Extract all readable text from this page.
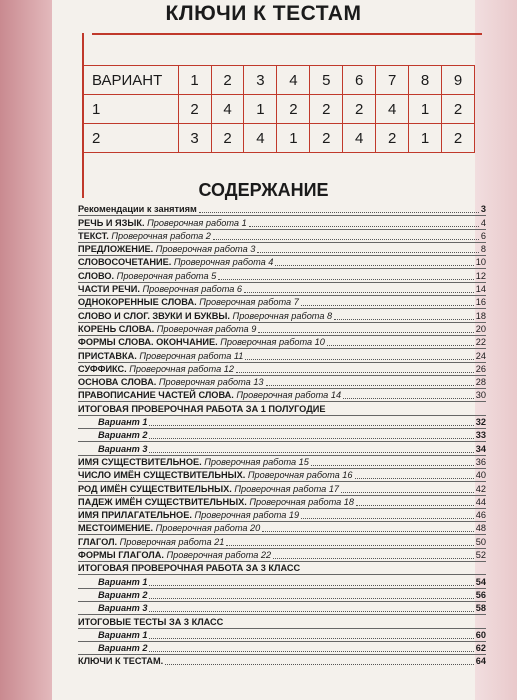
КЛЮЧИ К ТЕСТАМ
ВАРИАНТ	1	2	3	4	5	6	7	8	9
1	2	4	1	2	2	2	4	1	2
2	3	2	4	1	2	4	2	1	2
СОДЕРЖАНИЕ
Рекомендации к занятиям	3
РЕЧЬ И ЯЗЫК. Проверочная работа 1	4
ТЕКСТ. Проверочная работа 2	6
ПРЕДЛОЖЕНИЕ. Проверочная работа 3	8
СЛОВОСОЧЕТАНИЕ. Проверочная работа 4	10
СЛОВО. Проверочная работа 5	12
ЧАСТИ РЕЧИ. Проверочная работа 6	14
ОДНОКОРЕННЫЕ СЛОВА. Проверочная работа 7	16
СЛОВО И СЛОГ. ЗВУКИ И БУКВЫ. Проверочная работа 8	18
КОРЕНЬ СЛОВА. Проверочная работа 9	20
ФОРМЫ СЛОВА. ОКОНЧАНИЕ. Проверочная работа 10	22
ПРИСТАВКА. Проверочная работа 11	24
СУФФИКС. Проверочная работа 12	26
ОСНОВА СЛОВА. Проверочная работа 13	28
ПРАВОПИСАНИЕ ЧАСТЕЙ СЛОВА. Проверочная работа 14	30
ИТОГОВАЯ ПРОВЕРОЧНАЯ РАБОТА ЗА 1 ПОЛУГОДИЕ
Вариант 1	32
Вариант 2	33
Вариант 3	34
ИМЯ СУЩЕСТВИТЕЛЬНОЕ. Проверочная работа 15	36
ЧИСЛО ИМЁН СУЩЕСТВИТЕЛЬНЫХ. Проверочная работа 16	40
РОД ИМЁН СУЩЕСТВИТЕЛЬНЫХ. Проверочная работа 17	42
ПАДЕЖ ИМЁН СУЩЕСТВИТЕЛЬНЫХ. Проверочная работа 18	44
ИМЯ ПРИЛАГАТЕЛЬНОЕ. Проверочная работа 19	46
МЕСТОИМЕНИЕ. Проверочная работа 20	48
ГЛАГОЛ. Проверочная работа 21	50
ФОРМЫ ГЛАГОЛА. Проверочная работа 22	52
ИТОГОВАЯ ПРОВЕРОЧНАЯ РАБОТА ЗА 3 КЛАСС
Вариант 1	54
Вариант 2	56
Вариант 3	58
ИТОГОВЫЕ ТЕСТЫ ЗА 3 КЛАСС
Вариант 1	60
Вариант 2	62
КЛЮЧИ К ТЕСТАМ.	64
